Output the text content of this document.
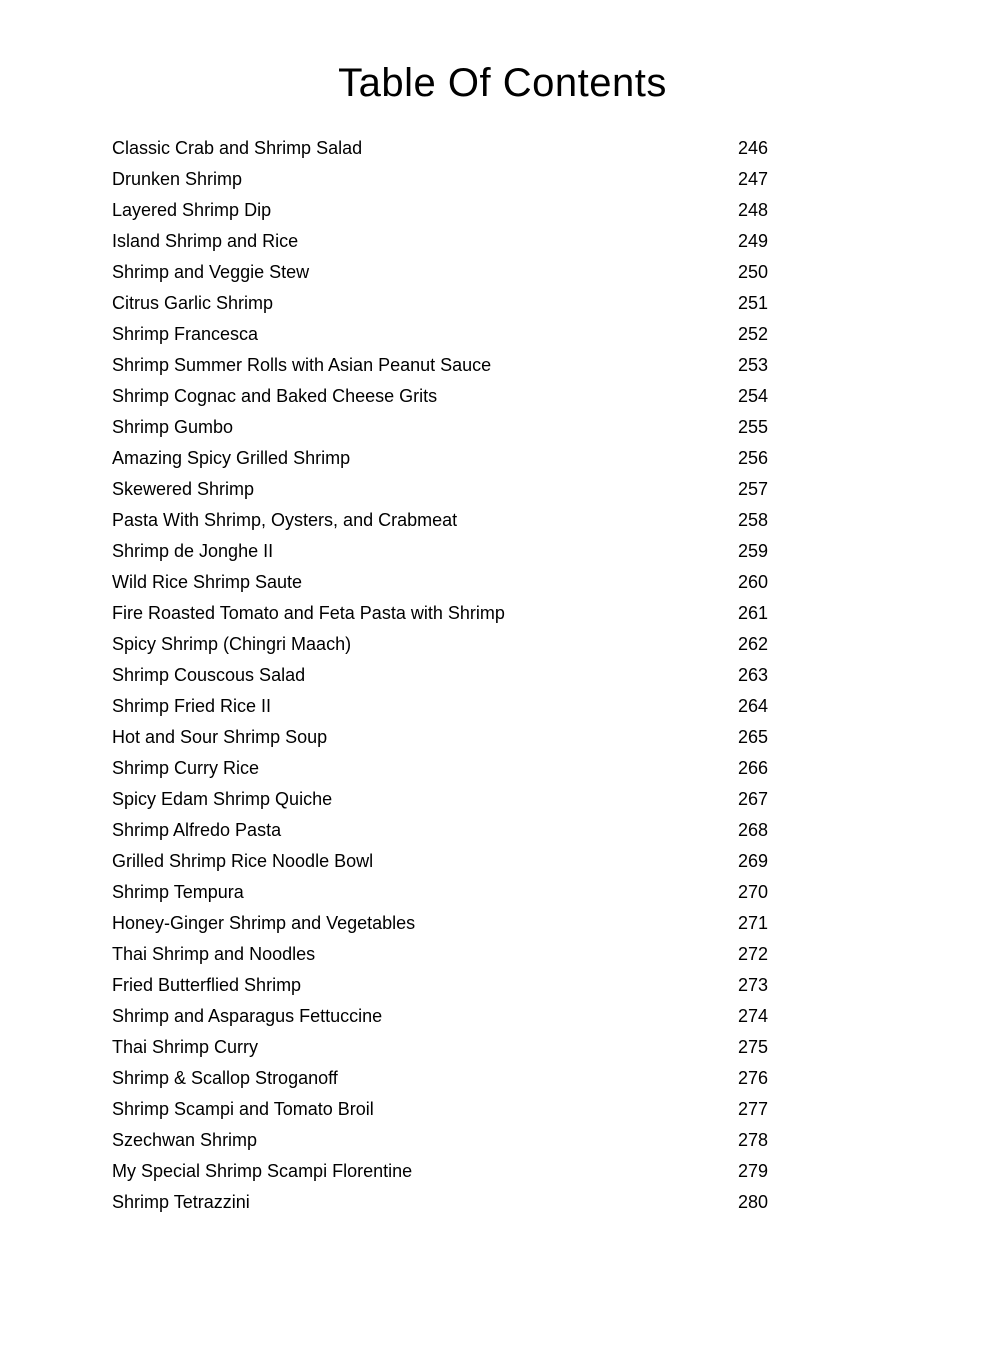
Table Of Contents
Classic Crab and Shrimp Salad	246
Drunken Shrimp	247
Layered Shrimp Dip	248
Island Shrimp and Rice	249
Shrimp and Veggie Stew	250
Citrus Garlic Shrimp	251
Shrimp Francesca	252
Shrimp Summer Rolls with Asian Peanut Sauce	253
Shrimp Cognac and Baked Cheese Grits	254
Shrimp Gumbo	255
Amazing Spicy Grilled Shrimp	256
Skewered Shrimp	257
Pasta With Shrimp, Oysters, and Crabmeat	258
Shrimp de Jonghe II	259
Wild Rice Shrimp Saute	260
Fire Roasted Tomato and Feta Pasta with Shrimp	261
Spicy Shrimp (Chingri Maach)	262
Shrimp Couscous Salad	263
Shrimp Fried Rice II	264
Hot and Sour Shrimp Soup	265
Shrimp Curry Rice	266
Spicy Edam Shrimp Quiche	267
Shrimp Alfredo Pasta	268
Grilled Shrimp Rice Noodle Bowl	269
Shrimp Tempura	270
Honey-Ginger Shrimp and Vegetables	271
Thai Shrimp and Noodles	272
Fried Butterflied Shrimp	273
Shrimp and Asparagus Fettuccine	274
Thai Shrimp Curry	275
Shrimp & Scallop Stroganoff	276
Shrimp Scampi and Tomato Broil	277
Szechwan Shrimp	278
My Special Shrimp Scampi Florentine	279
Shrimp Tetrazzini	280
